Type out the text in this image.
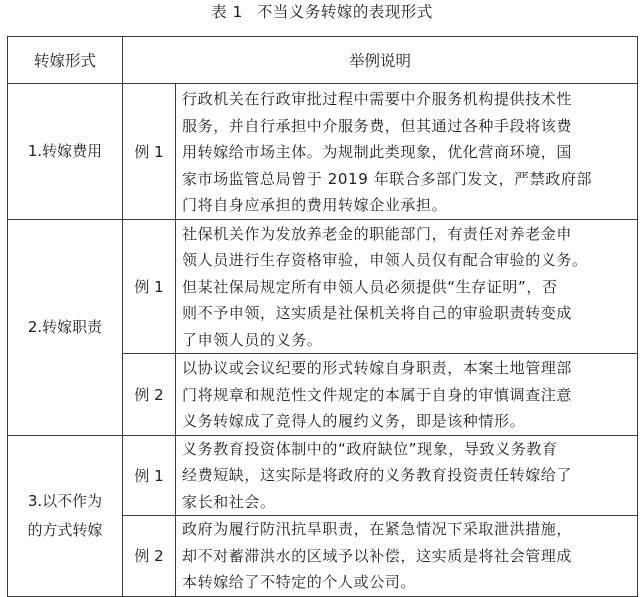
表 1 不当义务转嫁的表现形式
转嫁形式	举例说明	
1.转嫁费用	例 1	行政机关在行政审批过程中需要中介服务机构提供技术性
服务，并自行承担中介服务费，但其通过各种手段将该费
用转嫁给市场主体。为规制此类现象，优化营商环境，国
家市场监管总局曾于 2019 年联合多部门发文，严禁政府部
门将自身应承担的费用转嫁企业承担。

2.转嫁职责	例 1	社保机关作为发放养老金的职能部门，有责任对养老金申
领人员进行生存资格审验，申领人员仅有配合审验的义务。
但某社保局规定所有申领人员必须提供“生存证明”，否
则不予申领，这实质是社保机关将自己的审验职责转变成
了申领人员的义务。

	例 2	以协议或会议纪要的形式转嫁自身职责，本案土地管理部
门将规章和规范性文件规定的本属于自身的审慎调查注意
义务转嫁成了竞得人的履约义务，即是该种情形。

3.以不作为
的方式转嫁	例 1	义务教育投资体制中的“政府缺位”现象，导致义务教育
经费短缺，这实际是将政府的义务教育投资责任转嫁给了
家长和社会。

	例 2	政府为履行防汛抗旱职责，在紧急情况下采取泄洪措施，
却不对蓄滞洪水的区域予以补偿，这实质是将社会管理成
本转嫁给了不特定的个人或公司。
